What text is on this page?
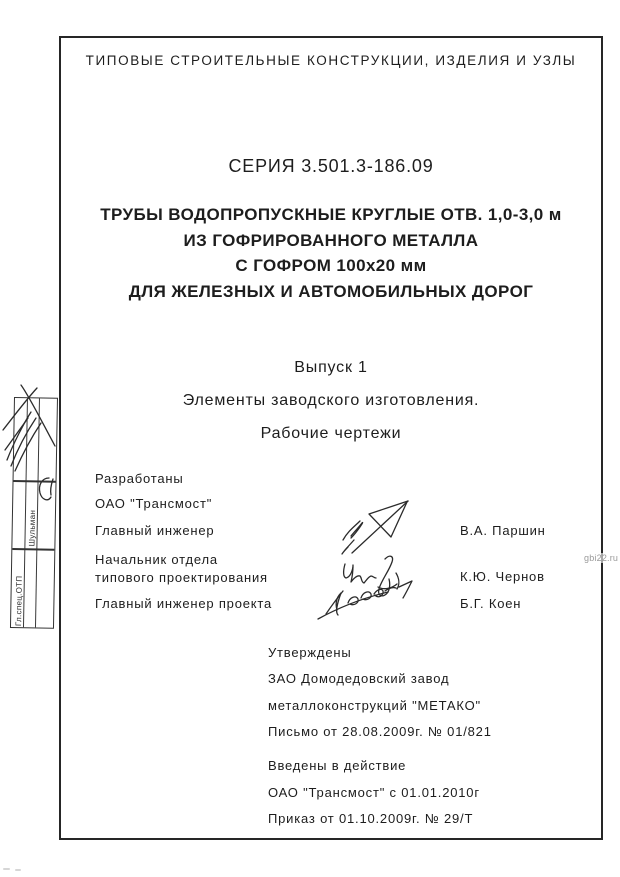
ТИПОВЫЕ СТРОИТЕЛЬНЫЕ КОНСТРУКЦИИ, ИЗДЕЛИЯ И УЗЛЫ
СЕРИЯ 3.501.3-186.09
ТРУБЫ ВОДОПРОПУСКНЫЕ КРУГЛЫЕ ОТВ. 1,0-3,0 м
ИЗ ГОФРИРОВАННОГО МЕТАЛЛА
С ГОФРОМ 100х20 мм
ДЛЯ ЖЕЛЕЗНЫХ И АВТОМОБИЛЬНЫХ ДОРОГ
Выпуск 1
Элементы заводского изготовления.
Рабочие чертежи
Разработаны
ОАО "Трансмост"
Главный инженер
Начальник отдела
типового проектирования
Главный инженер проекта
В.А. Паршин
К.Ю. Чернов
Б.Г. Коен
Утверждены
ЗАО Домодедовский завод
металлоконструкций "МЕТАКО"
Письмо от 28.08.2009г. № 01/821
Введены в действие
ОАО "Трансмост" с 01.01.2010г
Приказ от 01.10.2009г. № 29/Т
Гл.спец.ОТП
Шульман
gbi22.ru
